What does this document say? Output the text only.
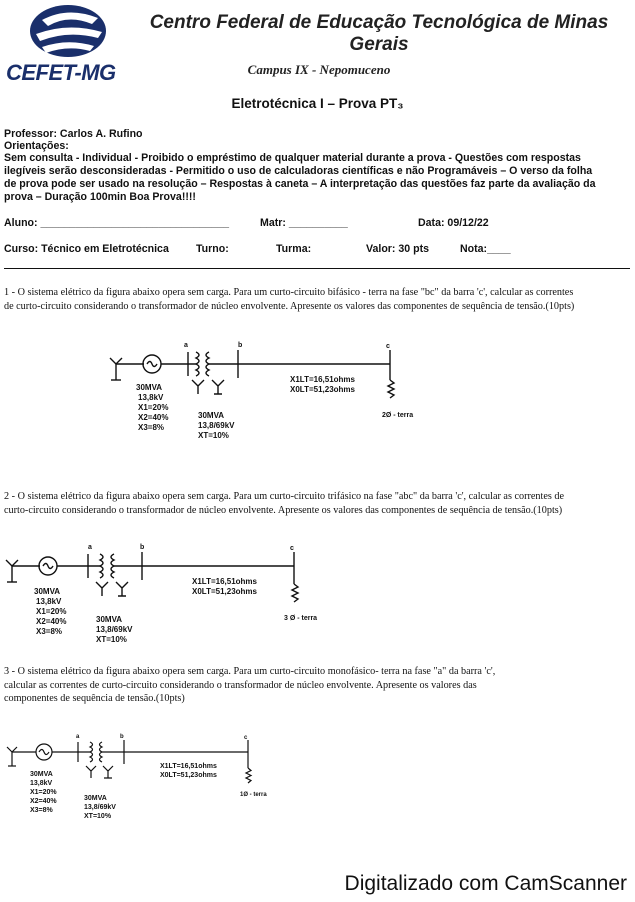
CEFET-MG
Centro Federal de Educação Tecnológica de Minas Gerais
Campus IX - Nepomuceno
Eletrotécnica I – Prova PT₃
Professor: Carlos A. Rufino
Orientações:
Sem consulta - Individual - Proibido o empréstimo de qualquer material durante a prova - Questões com respostas
ilegíveis serão desconsideradas - Permitido o uso de calculadoras científicas e não Programáveis – O verso da folha
de prova pode ser usado na resolução – Respostas à caneta – A interpretação das questões faz parte da avaliação da
prova – Duração 100min Boa Prova!!!!
Aluno: ________________________________	Matr: __________	Data: 09/12/22
Curso: Técnico em Eletrotécnica	Turno:	Turma:	Valor: 30 pts	Nota:____
1 - O sistema elétrico da figura abaixo opera sem carga. Para um curto-circuito bifásico - terra na fase "bc" da barra 'c', calcular as correntes
de curto-circuito considerando o transformador de núcleo envolvente. Apresente os valores das componentes de sequência de tensão.(10pts)
a	b	c
30MVA
13,8kV
X1=20%
X2=40%
X3=8%
30MVA
13,8/69kV
XT=10%
X1LT=16,51ohms
X0LT=51,23ohms
2Ø - terra
2 - O sistema elétrico da figura abaixo opera sem carga. Para um curto-circuito trifásico na fase "abc" da barra 'c', calcular as correntes de
curto-circuito considerando o transformador de núcleo envolvente. Apresente os valores das componentes de sequência de tensão.(10pts)
a	b	c
30MVA
13,8kV
X1=20%
X2=40%
X3=8%
30MVA
13,8/69kV
XT=10%
X1LT=16,51ohms
X0LT=51,23ohms
3 Ø - terra
3 - O sistema elétrico da figura abaixo opera sem carga. Para um curto-circuito monofásico- terra na fase "a" da barra 'c',
calcular as correntes de curto-circuito considerando o transformador de núcleo envolvente. Apresente os valores das
componentes de sequência de tensão.(10pts)
a	b	c
30MVA
13,8kV
X1=20%
X2=40%
X3=8%
30MVA
13,8/69kV
XT=10%
X1LT=16,51ohms
X0LT=51,23ohms
1Ø - terra
Digitalizado com CamScanner
